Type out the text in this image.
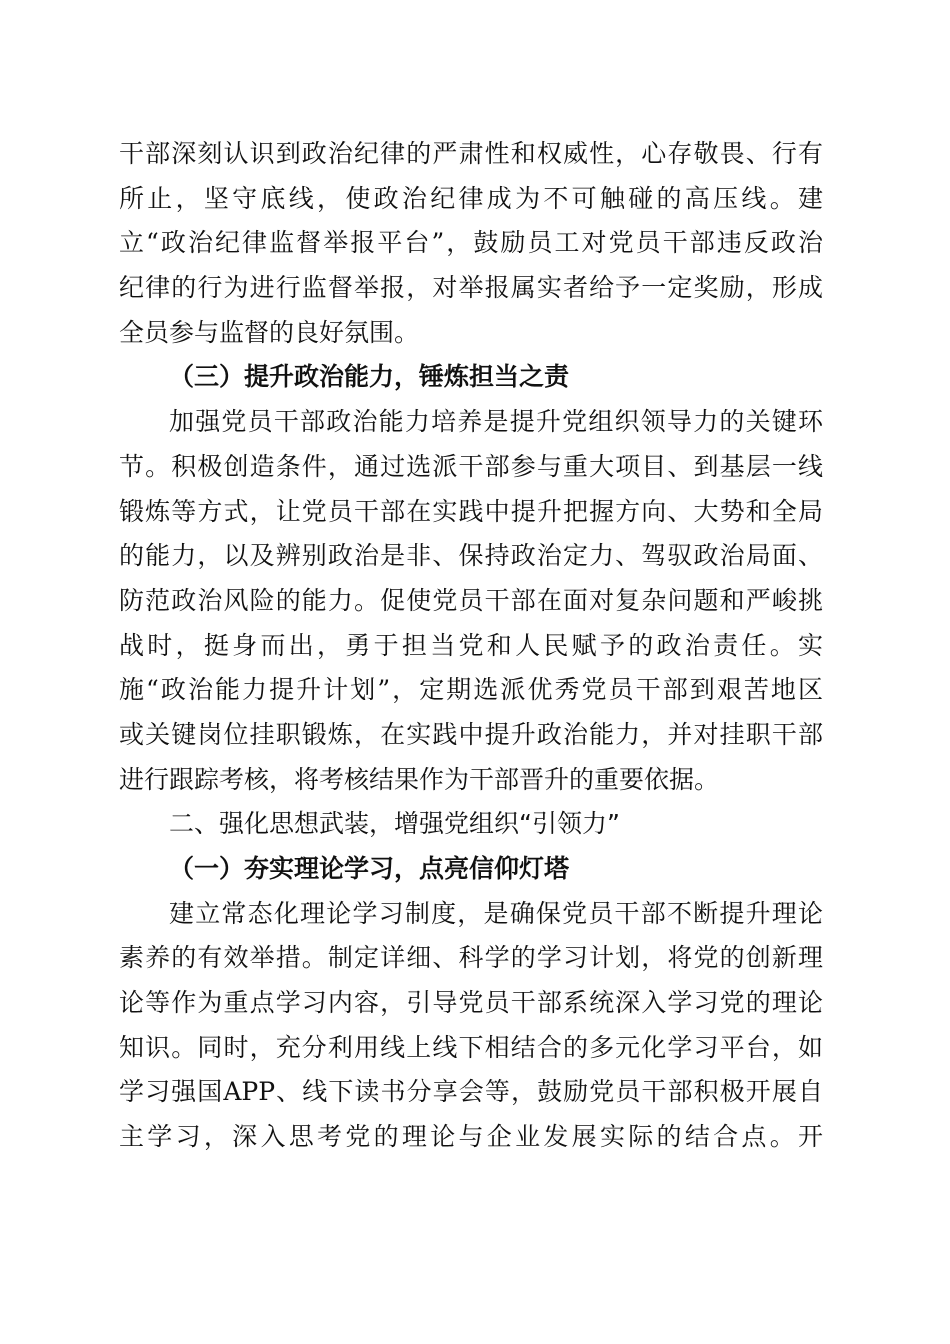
干部深刻认识到政治纪律的严肃性和权威性，心存敬畏、行有
所止，坚守底线，使政治纪律成为不可触碰的高压线。建
立“政治纪律监督举报平台”，鼓励员工对党员干部违反政治
纪律的行为进行监督举报，对举报属实者给予一定奖励，形成
全员参与监督的良好氛围。
（三）提升政治能力，锤炼担当之责
加强党员干部政治能力培养是提升党组织领导力的关键环
节。积极创造条件，通过选派干部参与重大项目、到基层一线
锻炼等方式，让党员干部在实践中提升把握方向、大势和全局
的能力，以及辨别政治是非、保持政治定力、驾驭政治局面、
防范政治风险的能力。促使党员干部在面对复杂问题和严峻挑
战时，挺身而出，勇于担当党和人民赋予的政治责任。实
施“政治能力提升计划”，定期选派优秀党员干部到艰苦地区
或关键岗位挂职锻炼，在实践中提升政治能力，并对挂职干部
进行跟踪考核，将考核结果作为干部晋升的重要依据。
二、强化思想武装，增强党组织“引领力”
（一）夯实理论学习，点亮信仰灯塔
建立常态化理论学习制度，是确保党员干部不断提升理论
素养的有效举措。制定详细、科学的学习计划，将党的创新理
论等作为重点学习内容，引导党员干部系统深入学习党的理论
知识。同时，充分利用线上线下相结合的多元化学习平台，如
学习强国APP、线下读书分享会等，鼓励党员干部积极开展自
主学习，深入思考党的理论与企业发展实际的结合点。开
